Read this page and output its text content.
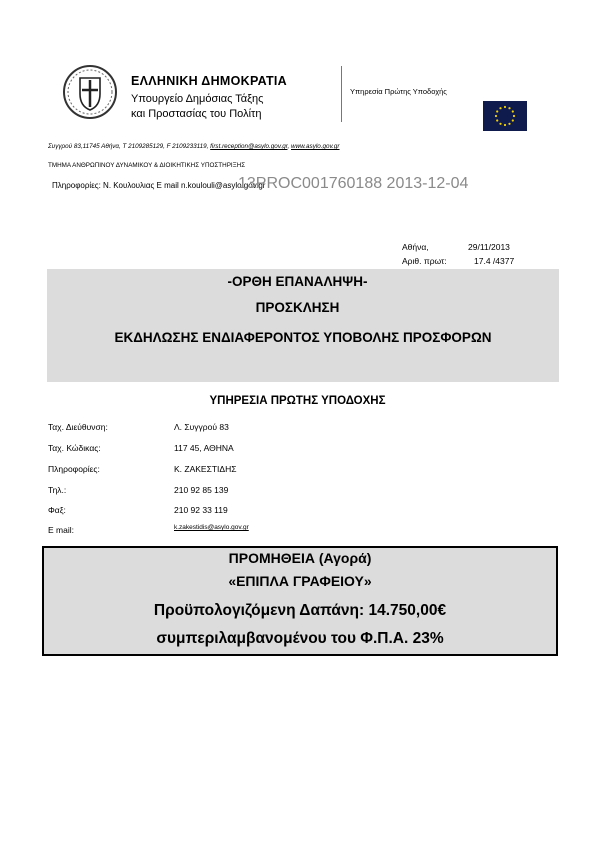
ΕΛΛΗΝΙΚΗ ΔΗΜΟΚΡΑΤΙΑ
Υπουργείο Δημόσιας Τάξης
και Προστασίας του Πολίτη
Υπηρεσία Πρώτης Υποδοχής
Συγγρού 83,11745 Αθήνα, Τ 2109285129, F 2109233119, first.reception@asylo.gov.gr, www.asylo.gov.gr
ΤΜΗΜΑ ΑΝΘΡΩΠΙΝΟΥ ΔΥΝΑΜΙΚΟΥ & ΔΙΟΙΚΗΤΙΚΗΣ ΥΠΟΣΤΗΡΙΞΗΣ
Πληροφορίες: Ν. Κουλουλιας E mail n.koulouli@asylo.gov.gr
13PROC001760188 2013-12-04
Αθήνα,	29/11/2013
Αριθ. πρωτ:	17.4 /4377
-ΟΡΘΗ ΕΠΑΝΑΛΗΨΗ-
ΠΡΟΣΚΛΗΣΗ
ΕΚΔΗΛΩΣΗΣ ΕΝΔΙΑΦΕΡΟΝΤΟΣ ΥΠΟΒΟΛΗΣ ΠΡΟΣΦΟΡΩΝ
ΥΠΗΡΕΣΙΑ ΠΡΩΤΗΣ ΥΠΟΔΟΧΗΣ
Ταχ. Διεύθυνση:	Λ. Συγγρού 83
Ταχ. Κώδικας:	117 45, ΑΘΗΝΑ
Πληροφορίες:	Κ. ΖΑΚΕΣΤΙΔΗΣ
Τηλ.:	210 92 85 139
Φαξ:	210 92 33 119
E mail:	k.zakestidis@asylo.gov.gr
ΠΡΟΜΗΘΕΙΑ (Αγορά)
«ΕΠΙΠΛΑ ΓΡΑΦΕΙΟΥ»
Προϋπολογιζόμενη Δαπάνη: 14.750,00€
συμπεριλαμβανομένου του Φ.Π.Α. 23%
